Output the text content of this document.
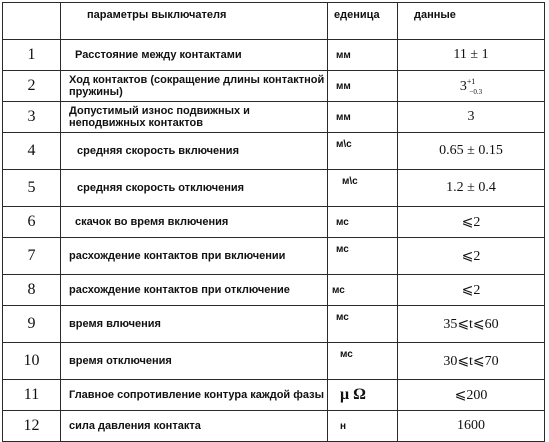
	параметры выключателя	еденица	данные
1	Расстояние между контактами	мм	11 ± 1
2	Ход контактов (сокращение длины контактной пружины)	мм	$3^{+1}_{-0.3}$
3	Допустимый износ подвижных и неподвижных контактов	мм	3
4	средняя скорость включения	м\с	0.65 ± 0.15
5	средняя скорость отключения	м\с	1.2 ± 0.4
6	скачок во время включения	мс	⩽2
7	расхождение контактов при включении	мс	⩽2
8	расхождение контактов при отключение	мс	⩽2
9	время влючения	мс	35⩽t⩽60
10	время отключения	мс	30⩽t⩽70
11	Главное сопротивление контура каждой фазы	μ Ω	⩽200
12	сила давления контакта	н	1600
